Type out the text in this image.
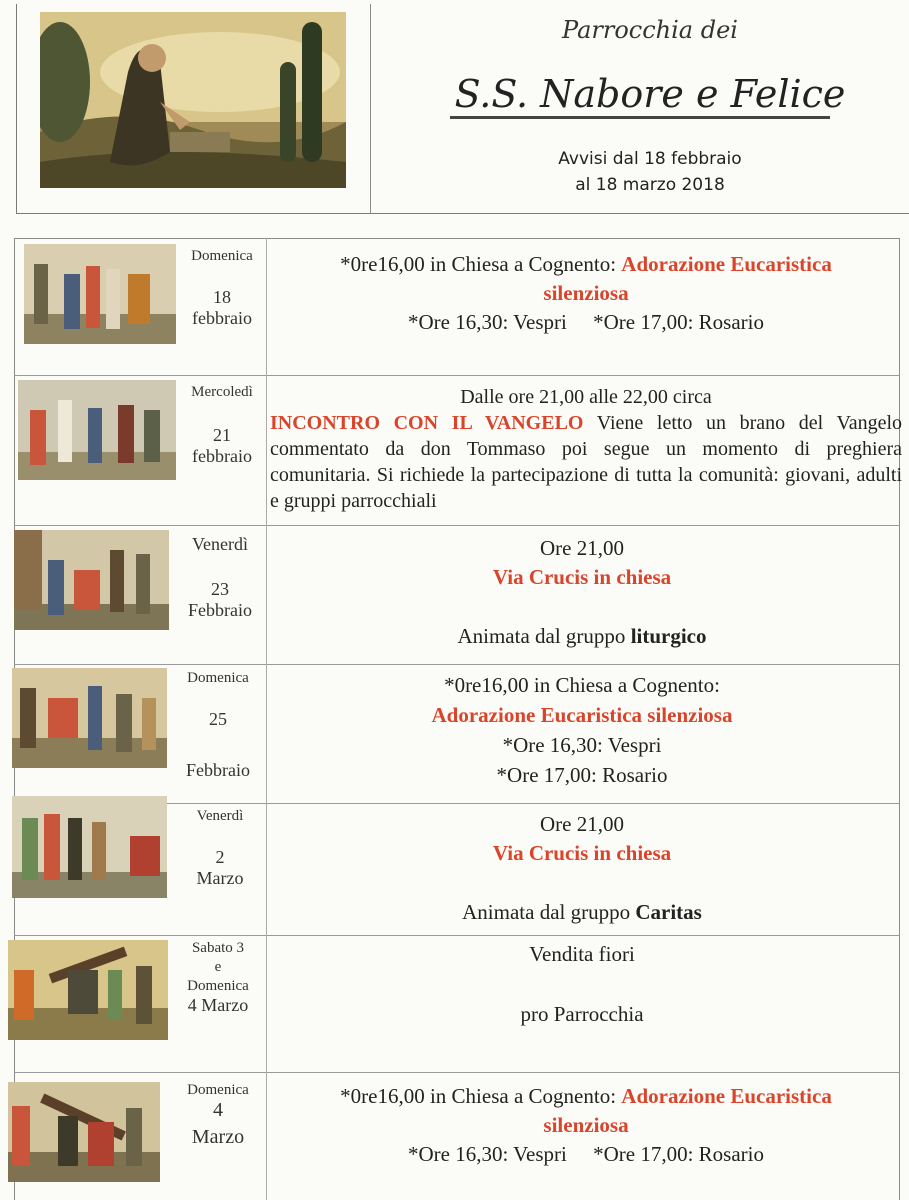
Parrocchia dei
S.S. Nabore e Felice
Avvisi dal 18 febbraio
al 18 marzo 2018
Domenica
18
febbraio
*0re16,00 in Chiesa a Cognento: Adorazione Eucaristica
silenziosa
*Ore 16,30: Vespri     *Ore 17,00: Rosario
Mercoledì
21
febbraio
Dalle ore 21,00 alle 22,00 circa
INCONTRO CON IL VANGELO Viene letto un brano del Vangelo commentato da don Tommaso poi segue un momento di preghiera comunitaria. Si richiede la partecipazione di tutta la comunità: giovani, adulti e gruppi parrocchiali
Venerdì
23
Febbraio
Ore 21,00
Via Crucis in chiesa
Animata dal gruppo liturgico
Domenica
25
Febbraio
*0re16,00 in Chiesa a Cognento:
Adorazione Eucaristica silenziosa
*Ore 16,30: Vespri
*Ore 17,00: Rosario
Venerdì
2
Marzo
Ore 21,00
Via Crucis in chiesa
Animata dal gruppo Caritas
Sabato 3
e
Domenica
4 Marzo
Vendita fiori
pro Parrocchia
Domenica
4
Marzo
*0re16,00 in Chiesa a Cognento: Adorazione Eucaristica
silenziosa
*Ore 16,30: Vespri     *Ore 17,00: Rosario
